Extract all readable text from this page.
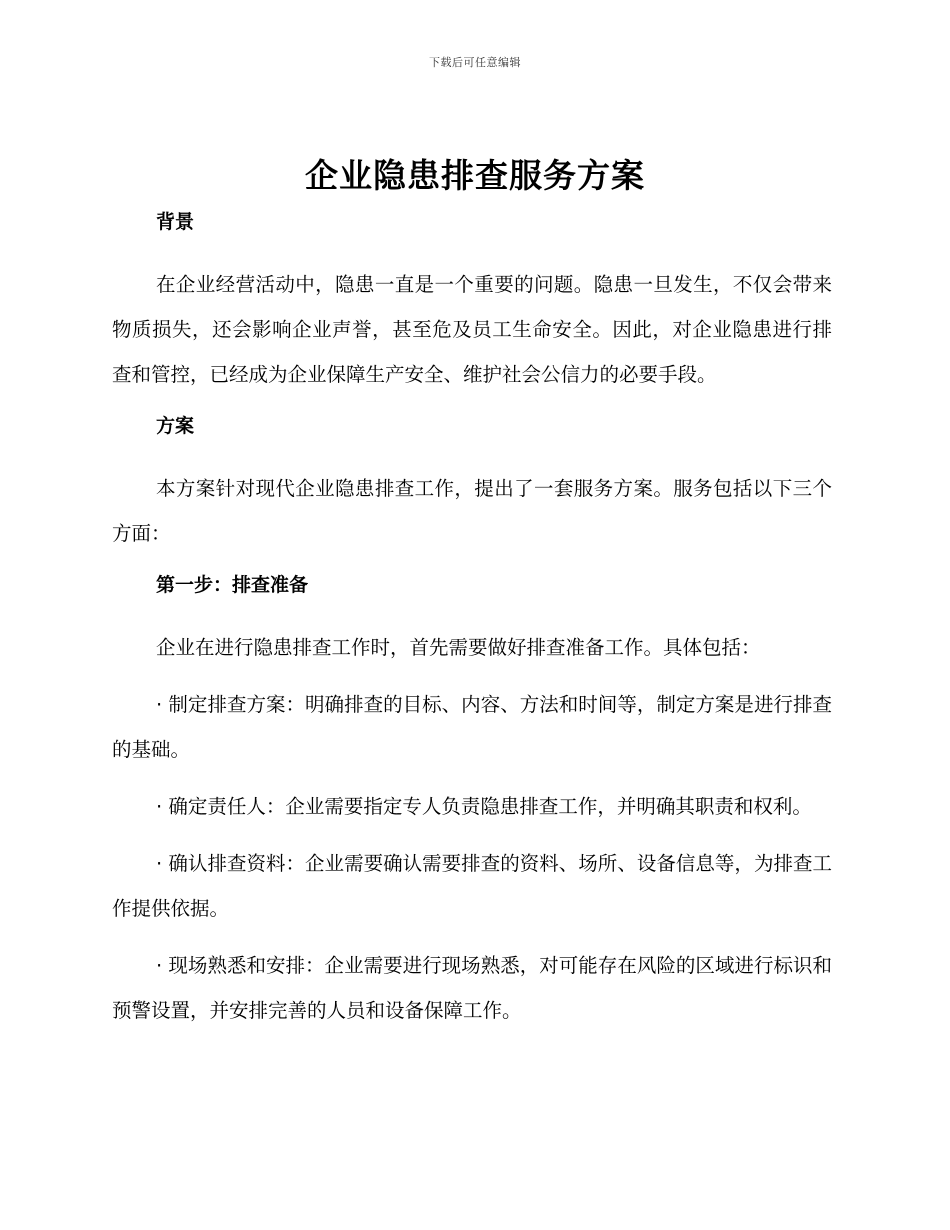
下载后可任意编辑
企业隐患排查服务方案
背景

在企业经营活动中，隐患一直是一个重要的问题。隐患一旦发生，不仅会带来物质损失，还会影响企业声誉，甚至危及员工生命安全。因此，对企业隐患进行排查和管控，已经成为企业保障生产安全、维护社会公信力的必要手段。

方案

本方案针对现代企业隐患排查工作，提出了一套服务方案。服务包括以下三个方面：

第一步：排查准备

企业在进行隐患排查工作时，首先需要做好排查准备工作。具体包括：

· 制定排查方案：明确排查的目标、内容、方法和时间等，制定方案是进行排查的基础。

· 确定责任人：企业需要指定专人负责隐患排查工作，并明确其职责和权利。

· 确认排查资料：企业需要确认需要排查的资料、场所、设备信息等，为排查工作提供依据。

· 现场熟悉和安排：企业需要进行现场熟悉，对可能存在风险的区域进行标识和预警设置，并安排完善的人员和设备保障工作。
